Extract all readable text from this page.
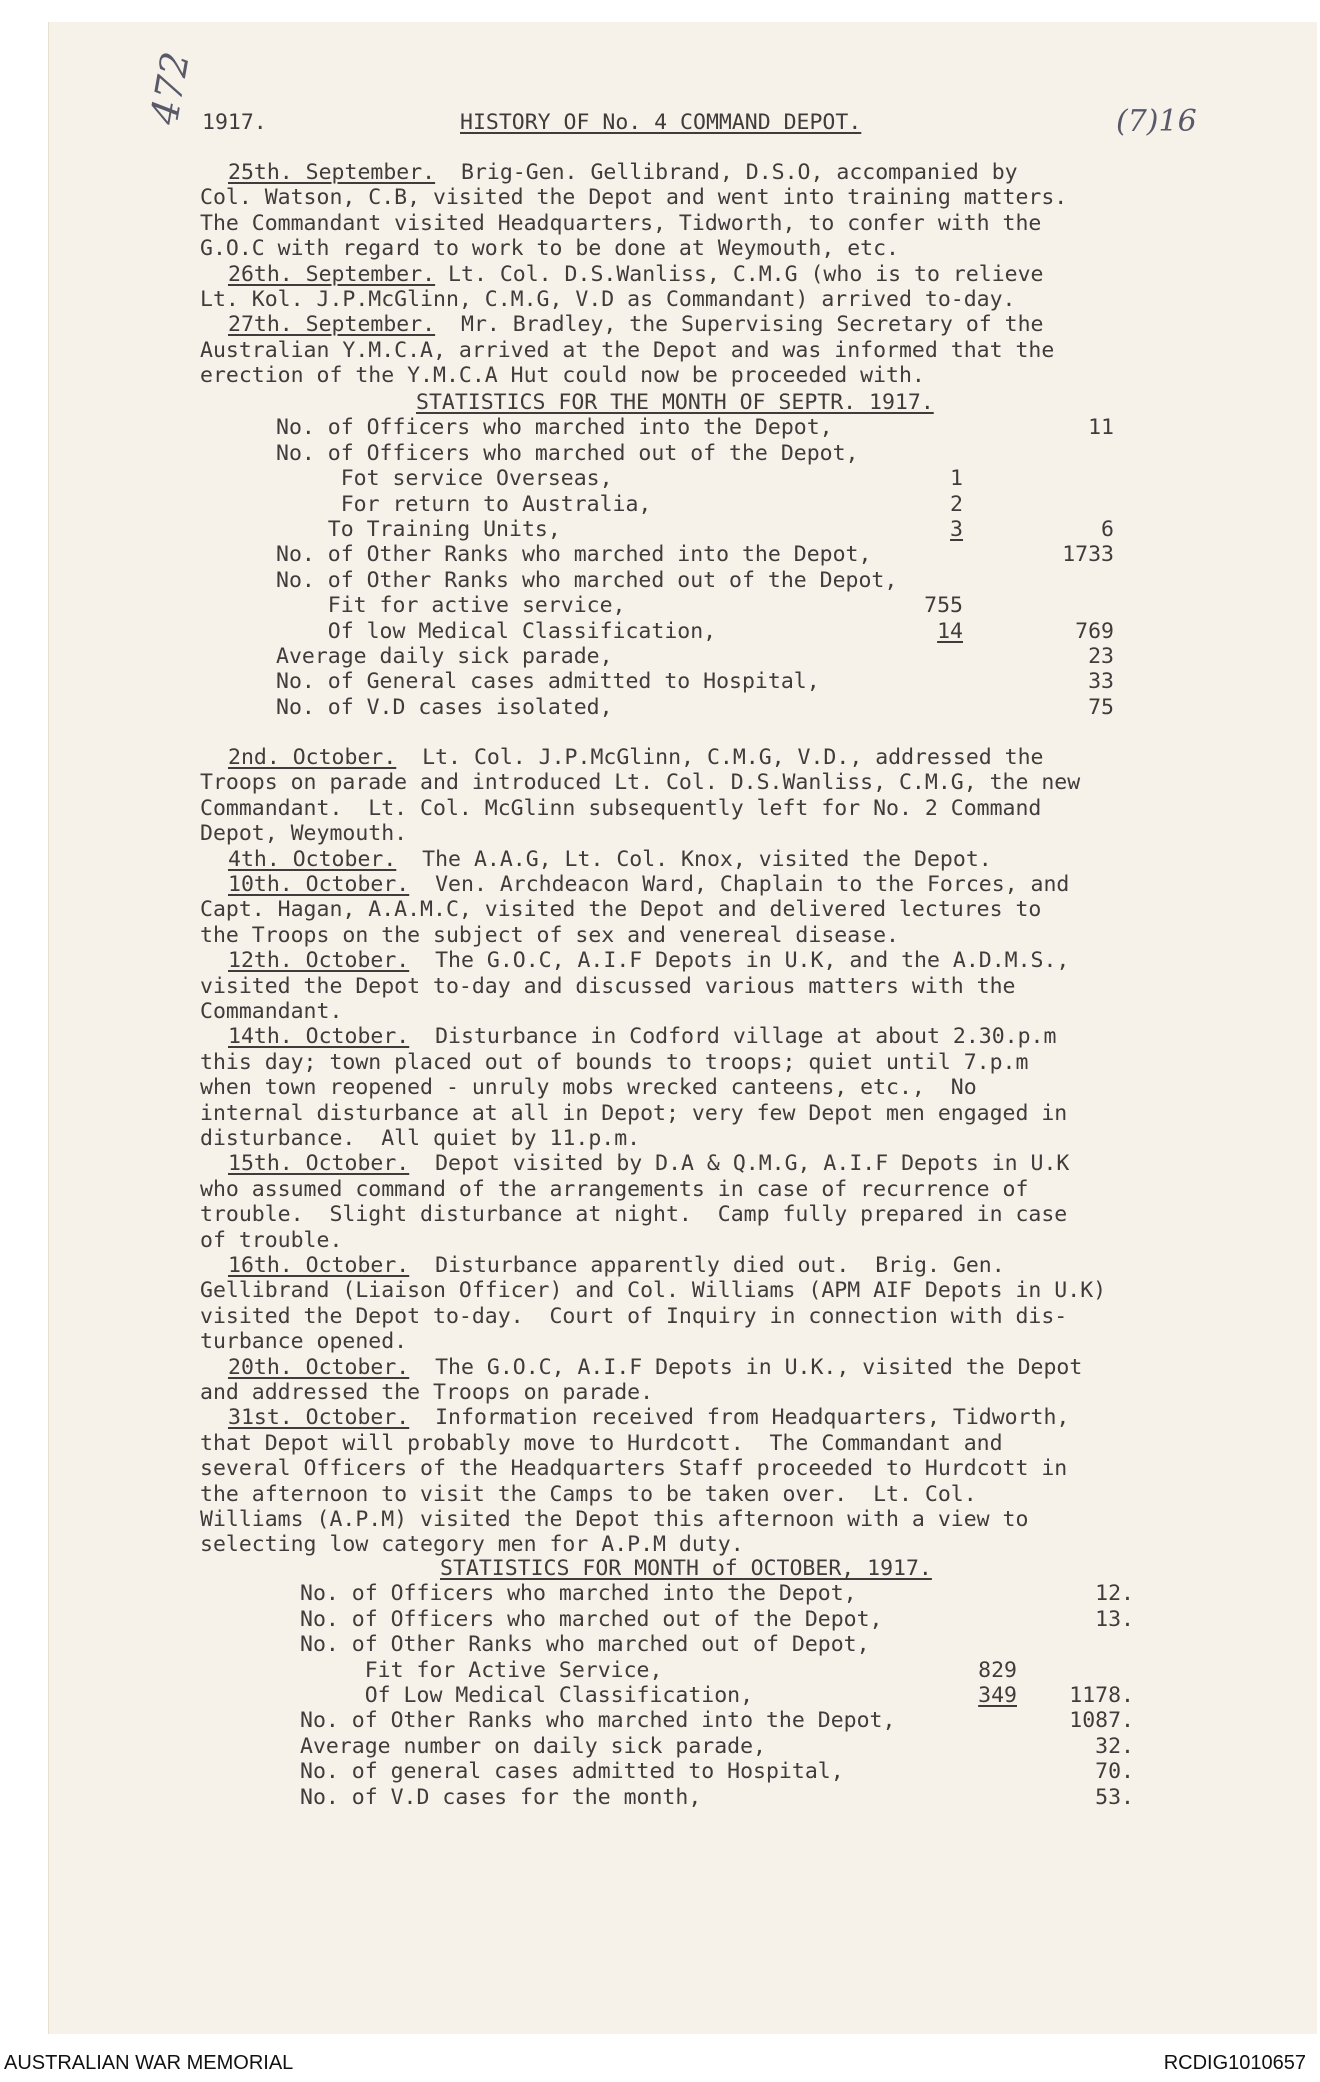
472	(7)16
1917.	HISTORY OF No. 4 COMMAND DEPOT.
25th. September.  Brig-Gen. Gellibrand, D.S.O, accompanied by
Col. Watson, C.B, visited the Depot and went into training matters.
The Commandant visited Headquarters, Tidworth, to confer with the
G.O.C with regard to work to be done at Weymouth, etc.
26th. September. Lt. Col. D.S.Wanliss, C.M.G (who is to relieve
Lt. Kol. J.P.McGlinn, C.M.G, V.D as Commandant) arrived to-day.
27th. September.  Mr. Bradley, the Supervising Secretary of the
Australian Y.M.C.A, arrived at the Depot and was informed that the
erection of the Y.M.C.A Hut could now be proceeded with.
STATISTICS FOR THE MONTH OF SEPTR. 1917.
No. of Officers who marched into the Depot,	11
No. of Officers who marched out of the Depot,
Fot service Overseas,	1
For return to Australia,	2
To Training Units,	3	6
No. of Other Ranks who marched into the Depot,	1733
No. of Other Ranks who marched out of the Depot,
Fit for active service,	755
Of low Medical Classification,	14	769
Average daily sick parade,	23
No. of General cases admitted to Hospital,	33
No. of V.D cases isolated,	75
2nd. October.  Lt. Col. J.P.McGlinn, C.M.G, V.D., addressed the
Troops on parade and introduced Lt. Col. D.S.Wanliss, C.M.G, the new
Commandant.  Lt. Col. McGlinn subsequently left for No. 2 Command
Depot, Weymouth.
4th. October.  The A.A.G, Lt. Col. Knox, visited the Depot.
10th. October.  Ven. Archdeacon Ward, Chaplain to the Forces, and
Capt. Hagan, A.A.M.C, visited the Depot and delivered lectures to
the Troops on the subject of sex and venereal disease.
12th. October.  The G.O.C, A.I.F Depots in U.K, and the A.D.M.S.,
visited the Depot to-day and discussed various matters with the
Commandant.
14th. October.  Disturbance in Codford village at about 2.30.p.m
this day; town placed out of bounds to troops; quiet until 7.p.m
when town reopened - unruly mobs wrecked canteens, etc.,  No
internal disturbance at all in Depot; very few Depot men engaged in
disturbance.  All quiet by 11.p.m.
15th. October.  Depot visited by D.A & Q.M.G, A.I.F Depots in U.K
who assumed command of the arrangements in case of recurrence of
trouble.  Slight disturbance at night.  Camp fully prepared in case
of trouble.
16th. October.  Disturbance apparently died out.  Brig. Gen.
Gellibrand (Liaison Officer) and Col. Williams (APM AIF Depots in U.K)
visited the Depot to-day.  Court of Inquiry in connection with dis-
turbance opened.
20th. October.  The G.O.C, A.I.F Depots in U.K., visited the Depot
and addressed the Troops on parade.
31st. October.  Information received from Headquarters, Tidworth,
that Depot will probably move to Hurdcott.  The Commandant and
several Officers of the Headquarters Staff proceeded to Hurdcott in
the afternoon to visit the Camps to be taken over.  Lt. Col.
Williams (A.P.M) visited the Depot this afternoon with a view to
selecting low category men for A.P.M duty.
STATISTICS FOR MONTH of OCTOBER, 1917.
No. of Officers who marched into the Depot,	12.
No. of Officers who marched out of the Depot,	13.
No. of Other Ranks who marched out of Depot,
Fit for Active Service,	829
Of Low Medical Classification,	349 1178.
No. of Other Ranks who marched into the Depot,	1087.
Average number on daily sick parade,	32.
No. of general cases admitted to Hospital,	70.
No. of V.D cases for the month,	53.
AUSTRALIAN WAR MEMORIAL	RCDIG1010657
